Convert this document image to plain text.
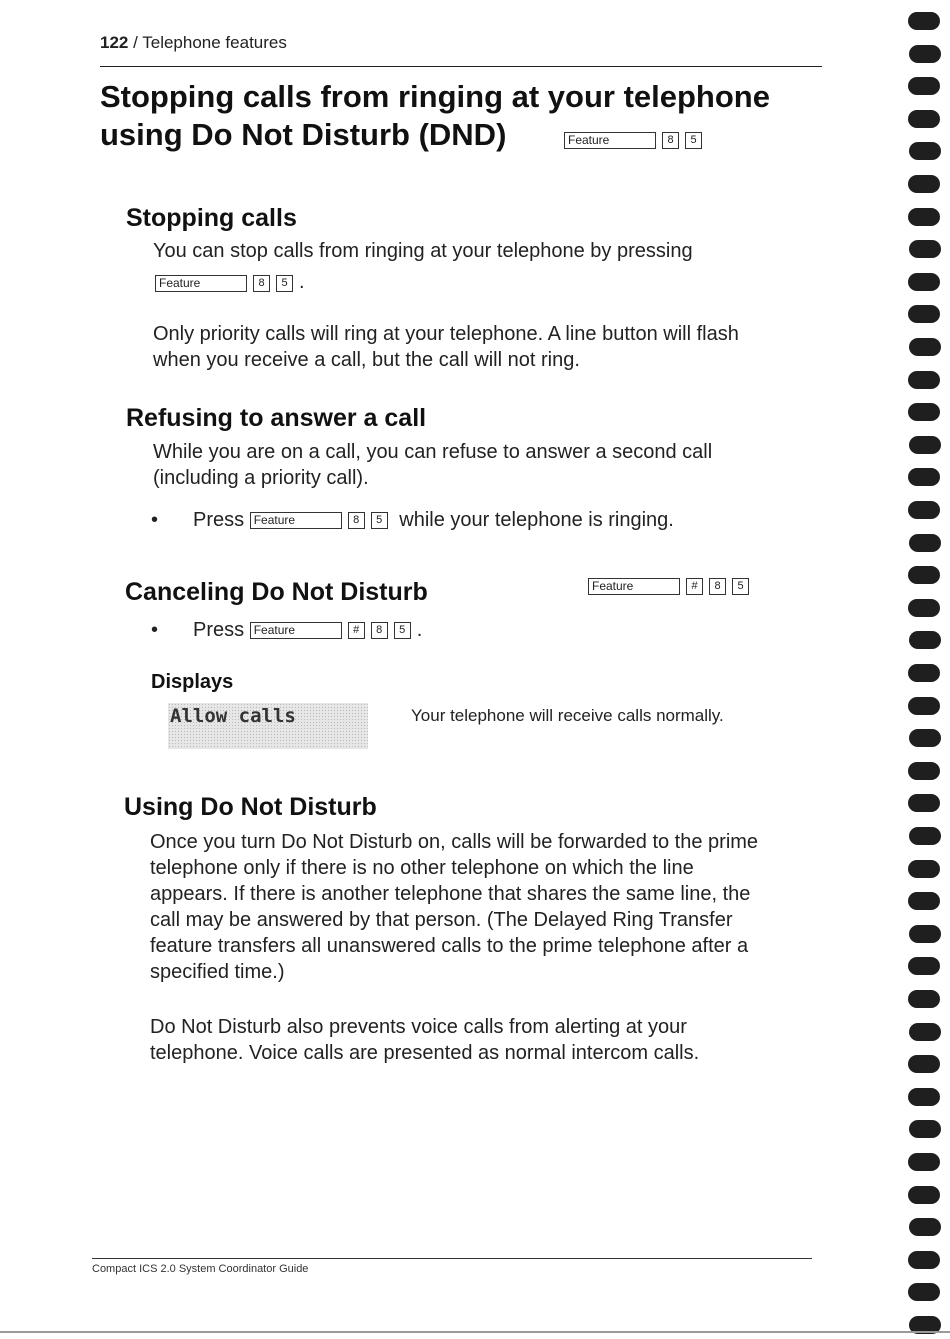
122 / Telephone features
Stopping calls from ringing at your telephone
using Do Not Disturb (DND)	Feature	8 5
Stopping calls
You can stop calls from ringing at your telephone by pressing
Feature	8 5 .
Only priority calls will ring at your telephone. A line button will flash
when you receive a call, but the call will not ring.
Refusing to answer a call
While you are on a call, you can refuse to answer a second call
(including a priority call).
• Press Feature	8 5 while your telephone is ringing.
Canceling Do Not Disturb	Feature	# 8 5
• Press Feature	# 8 5 .
Displays
Allow calls	Your telephone will receive calls normally.
Using Do Not Disturb
Once you turn Do Not Disturb on, calls will be forwarded to the prime
telephone only if there is no other telephone on which the line
appears. If there is another telephone that shares the same line, the
call may be answered by that person. (The Delayed Ring Transfer
feature transfers all unanswered calls to the prime telephone after a
specified time.)
Do Not Disturb also prevents voice calls from alerting at your
telephone. Voice calls are presented as normal intercom calls.
Compact ICS 2.0 System Coordinator Guide
